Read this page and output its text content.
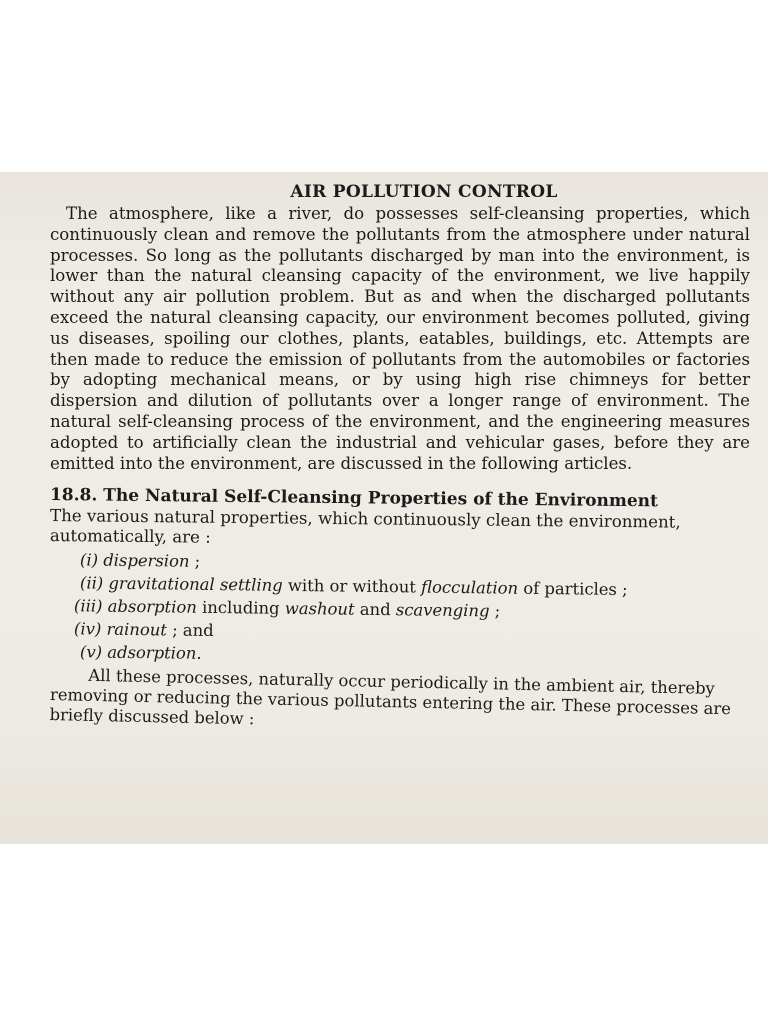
AIR POLLUTION CONTROL

The atmosphere, like a river, do possesses self-cleansing properties, which continuously clean and remove the pollutants from the atmosphere under natural processes. So long as the pollutants discharged by man into the environment, is lower than the natural cleansing capacity of the environment, we live happily without any air pollution problem. But as and when the discharged pollutants exceed the natural cleansing capacity, our environment becomes polluted, giving us diseases, spoiling our clothes, plants, eatables, buildings, etc. Attempts are then made to reduce the emission of pollutants from the automobiles or factories by adopting mechanical means, or by using high rise chimneys for better dispersion and dilution of pollutants over a longer range of environment. The natural self-cleansing process of the environment, and the engineering measures adopted to artificially clean the industrial and vehicular gases, before they are emitted into the environment, are discussed in the following articles.

18.8. The Natural Self-Cleansing Properties of the Environment

The various natural properties, which continuously clean the environment, automatically, are :

(i) dispersion ;
(ii) gravitational settling with or without flocculation of particles ;
(iii) absorption including washout and scavenging ;
(iv) rainout ; and
(v) adsorption.

All these processes, naturally occur periodically in the ambient air, thereby removing or reducing the various pollutants entering the air. These processes are briefly discussed below :
